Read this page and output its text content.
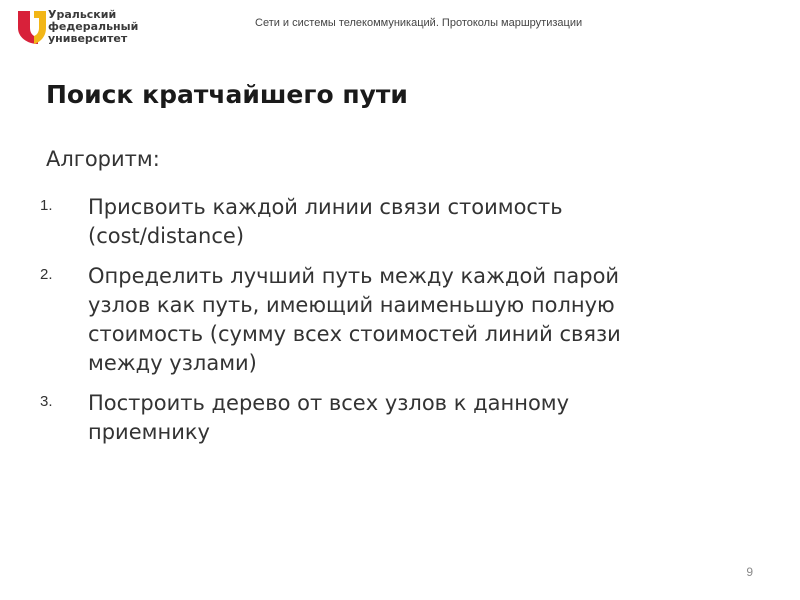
Уральский
федеральный
университет
Сети и системы телекоммуникаций. Протоколы маршрутизации
Поиск кратчайшего пути
Алгоритм:
1. Присвоить каждой линии связи стоимость
(cost/distance)
2. Определить лучший путь между каждой парой
узлов как путь, имеющий наименьшую полную
стоимость (сумму всех стоимостей линий связи
между узлами)
3. Построить дерево от всех узлов к данному
приемнику
9
